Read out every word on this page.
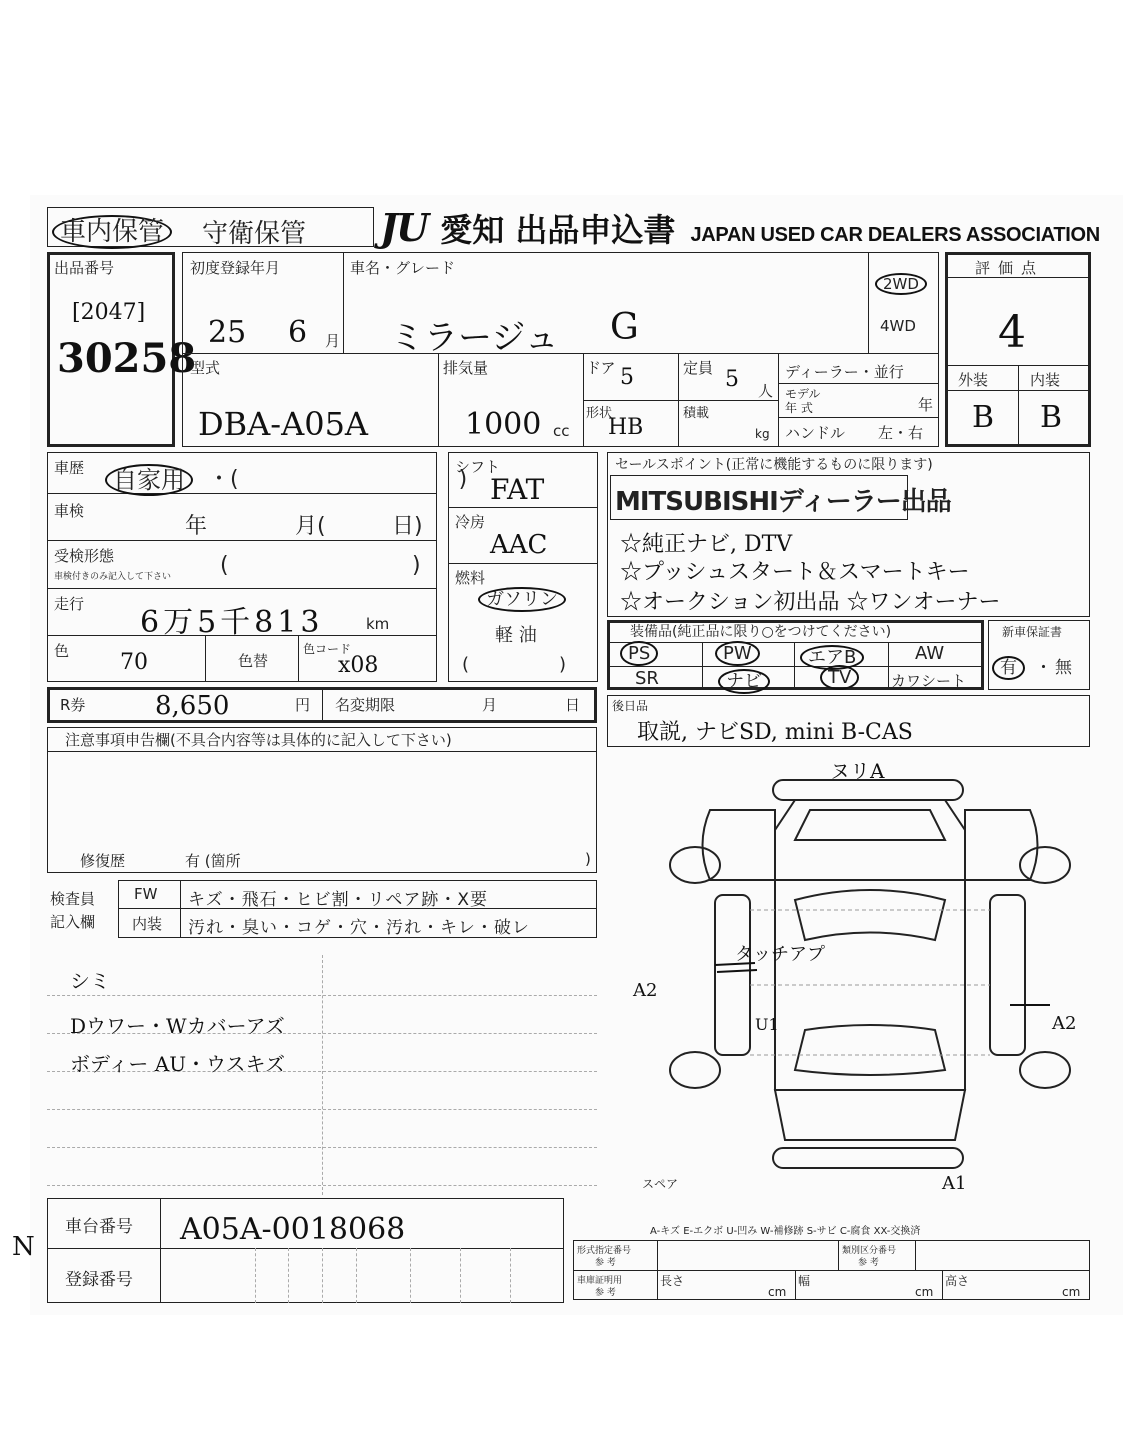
車内保管	守衛保管 JU 愛知 出品申込書 JAPAN USED CAR DEALERS ASSOCIATION
出品番号
[2047]
30258
初度登録年月
25 6 月
車名・グレード
ミラージュ G
2WD
4WD
型式
DBA-A05A
排気量
1000 cc
ドア 5
形状
HB
定員 5 人
積載
kg
ディーラー・並行
モデル
年 式	年
ハンドル 左・右
評価点
4
外装	内装
B B
車歴	自家用	・(　　　　　　　　　　)
車検
年	月(	日)
受検形態
車検付きのみ記入して下さい (	)
走行
6万5千813	km
色 70	色替
色コード
x08
シフト
FAT
冷房
AAC
燃料
ガソリン
軽 油
(　　　　　)
セールスポイント(正常に機能するものに限ります)
MITSUBISHIディーラー出品
☆純正ナビ, DTV
☆プッシュスタート＆スマートキー
☆オークション初出品 ☆ワンオーナー
装備品(純正品に限り○をつけてください)
PS	PW	エアB	AW
SR	ナビ	TV	カワシート
新車保証書
有	・ 無
R券	8,650	円 名変期限	月	日	後日品
取説, ナビSD, mini B-CAS
注意事項申告欄(不具合内容等は具体的に記入して下さい)
修復歴	有 (箇所	)
検査員
記入欄
FW キズ・飛石・ヒビ割・リペア跡・X要
内装 汚れ・臭い・コゲ・穴・汚れ・キレ・破レ
シミ
Dウワー・Wカバーアズ
ボディー AU・ウスキズ
ヌリA
A2
A2
タッチアプ
U1
A1
スペア
A-キズ E-エクボ U-凹み W-補修跡 S-サビ C-腐食 XX-交換済
車台番号 A05A-0018068
登録番号
形式指定番号
参 考
類別区分番号
参 考
車庫証明用
参 考
長さ
cm
幅
cm
高さ
cm
N
